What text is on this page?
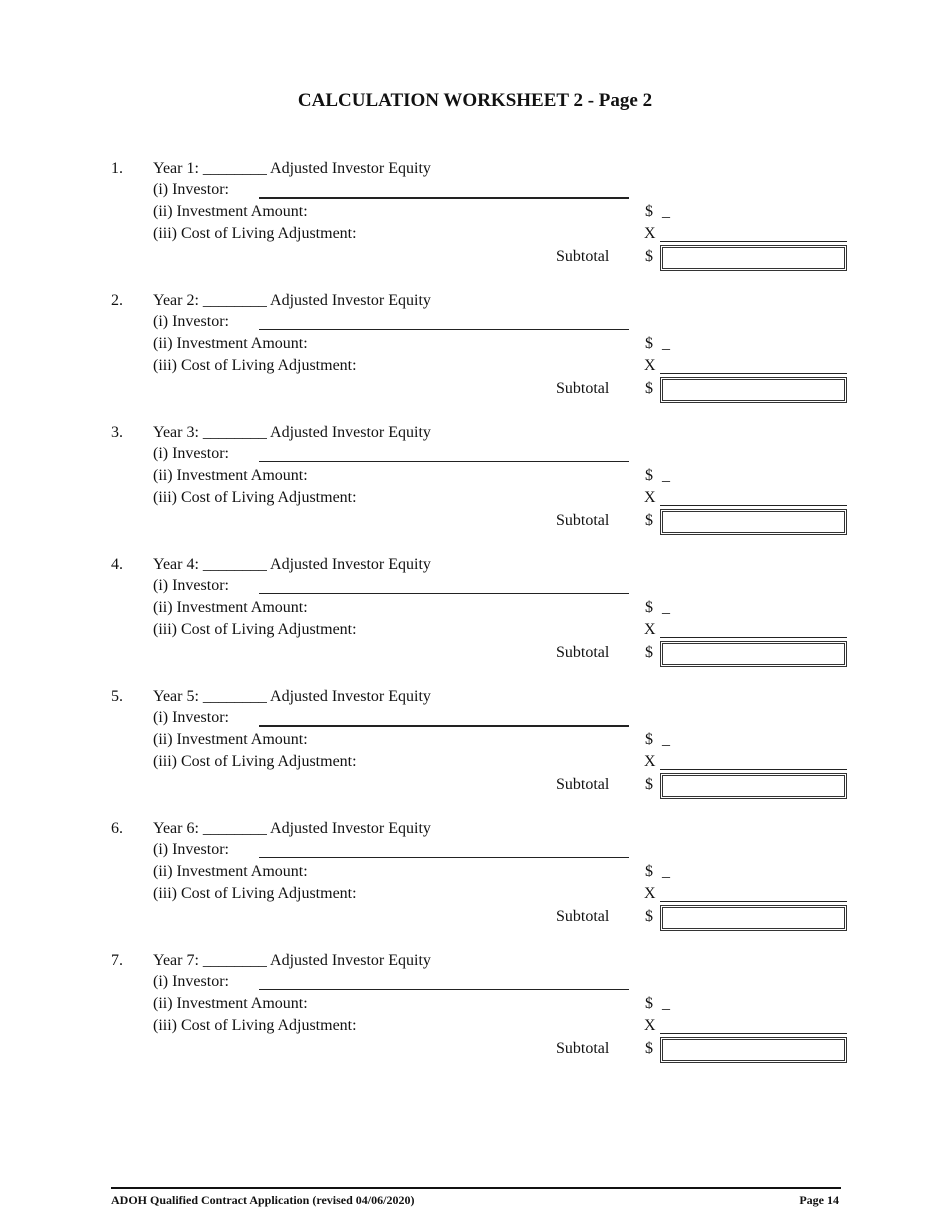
CALCULATION WORKSHEET 2 - Page 2
1. Year 1: ________ Adjusted Investor Equity
(i) Investor:
(ii) Investment Amount:	$ _
(iii) Cost of Living Adjustment:	X
Subtotal $
2. Year 2: ________ Adjusted Investor Equity
(i) Investor:
(ii) Investment Amount:	$ _
(iii) Cost of Living Adjustment:	X
Subtotal $
3. Year 3: ________ Adjusted Investor Equity
(i) Investor:
(ii) Investment Amount:	$ _
(iii) Cost of Living Adjustment:	X
Subtotal $
4. Year 4: ________ Adjusted Investor Equity
(i) Investor:
(ii) Investment Amount:	$ _
(iii) Cost of Living Adjustment:	X
Subtotal $
5. Year 5: ________ Adjusted Investor Equity
(i) Investor:
(ii) Investment Amount:	$ _
(iii) Cost of Living Adjustment:	X
Subtotal $
6. Year 6: ________ Adjusted Investor Equity
(i) Investor:
(ii) Investment Amount:	$ _
(iii) Cost of Living Adjustment:	X
Subtotal $
7. Year 7: ________ Adjusted Investor Equity
(i) Investor:
(ii) Investment Amount:	$ _
(iii) Cost of Living Adjustment:	X
Subtotal $
ADOH Qualified Contract Application (revised 04/06/2020)	Page 14
